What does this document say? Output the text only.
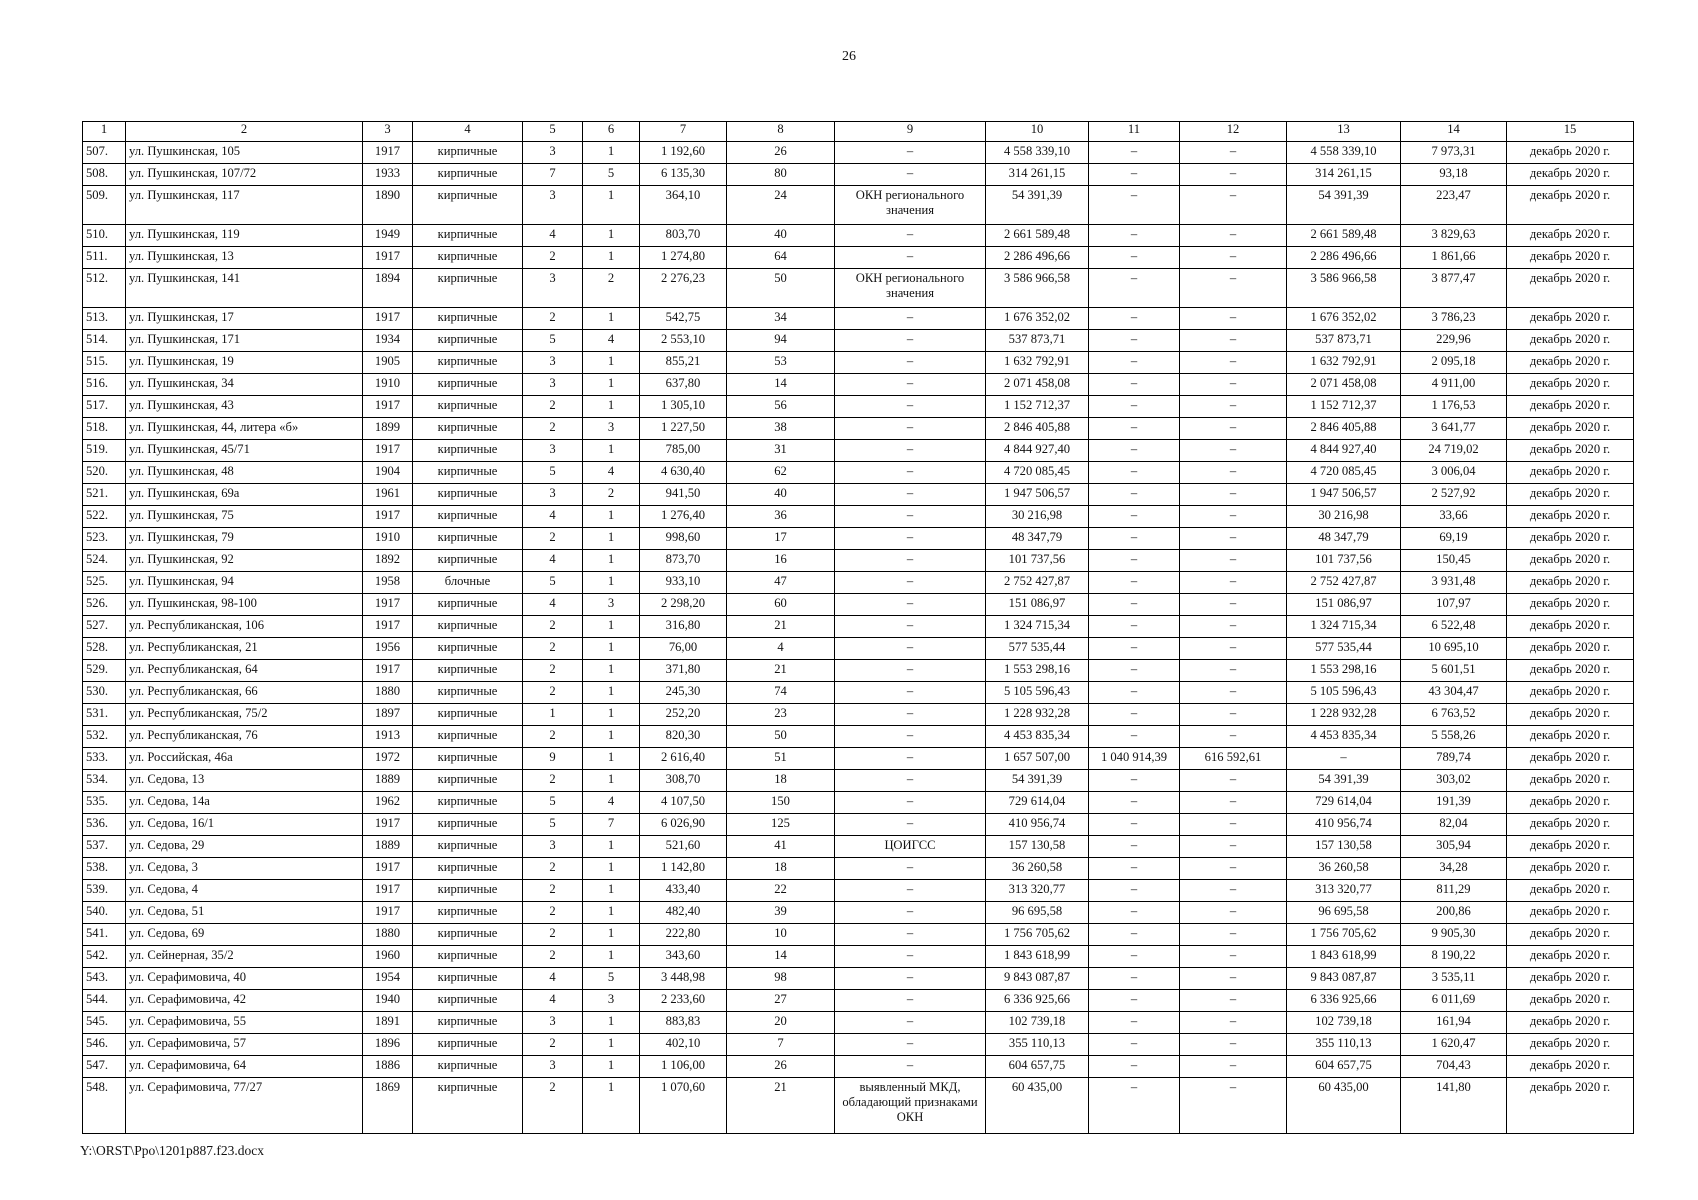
26
1	2	3	4	5	6	7	8	9	10	11	12	13	14	15
507.	ул. Пушкинская, 105	1917	кирпичные	3	1	1 192,60	26	–	4 558 339,10	–	–	4 558 339,10	7 973,31	декабрь 2020 г.
508.	ул. Пушкинская, 107/72	1933	кирпичные	7	5	6 135,30	80	–	314 261,15	–	–	314 261,15	93,18	декабрь 2020 г.
509.	ул. Пушкинская, 117	1890	кирпичные	3	1	364,10	24	ОКН регионального значения	54 391,39	–	–	54 391,39	223,47	декабрь 2020 г.
510.	ул. Пушкинская, 119	1949	кирпичные	4	1	803,70	40	–	2 661 589,48	–	–	2 661 589,48	3 829,63	декабрь 2020 г.
511.	ул. Пушкинская, 13	1917	кирпичные	2	1	1 274,80	64	–	2 286 496,66	–	–	2 286 496,66	1 861,66	декабрь 2020 г.
512.	ул. Пушкинская, 141	1894	кирпичные	3	2	2 276,23	50	ОКН регионального значения	3 586 966,58	–	–	3 586 966,58	3 877,47	декабрь 2020 г.
513.	ул. Пушкинская, 17	1917	кирпичные	2	1	542,75	34	–	1 676 352,02	–	–	1 676 352,02	3 786,23	декабрь 2020 г.
514.	ул. Пушкинская, 171	1934	кирпичные	5	4	2 553,10	94	–	537 873,71	–	–	537 873,71	229,96	декабрь 2020 г.
515.	ул. Пушкинская, 19	1905	кирпичные	3	1	855,21	53	–	1 632 792,91	–	–	1 632 792,91	2 095,18	декабрь 2020 г.
516.	ул. Пушкинская, 34	1910	кирпичные	3	1	637,80	14	–	2 071 458,08	–	–	2 071 458,08	4 911,00	декабрь 2020 г.
517.	ул. Пушкинская, 43	1917	кирпичные	2	1	1 305,10	56	–	1 152 712,37	–	–	1 152 712,37	1 176,53	декабрь 2020 г.
518.	ул. Пушкинская, 44, литера «б»	1899	кирпичные	2	3	1 227,50	38	–	2 846 405,88	–	–	2 846 405,88	3 641,77	декабрь 2020 г.
519.	ул. Пушкинская, 45/71	1917	кирпичные	3	1	785,00	31	–	4 844 927,40	–	–	4 844 927,40	24 719,02	декабрь 2020 г.
520.	ул. Пушкинская, 48	1904	кирпичные	5	4	4 630,40	62	–	4 720 085,45	–	–	4 720 085,45	3 006,04	декабрь 2020 г.
521.	ул. Пушкинская, 69а	1961	кирпичные	3	2	941,50	40	–	1 947 506,57	–	–	1 947 506,57	2 527,92	декабрь 2020 г.
522.	ул. Пушкинская, 75	1917	кирпичные	4	1	1 276,40	36	–	30 216,98	–	–	30 216,98	33,66	декабрь 2020 г.
523.	ул. Пушкинская, 79	1910	кирпичные	2	1	998,60	17	–	48 347,79	–	–	48 347,79	69,19	декабрь 2020 г.
524.	ул. Пушкинская, 92	1892	кирпичные	4	1	873,70	16	–	101 737,56	–	–	101 737,56	150,45	декабрь 2020 г.
525.	ул. Пушкинская, 94	1958	блочные	5	1	933,10	47	–	2 752 427,87	–	–	2 752 427,87	3 931,48	декабрь 2020 г.
526.	ул. Пушкинская, 98-100	1917	кирпичные	4	3	2 298,20	60	–	151 086,97	–	–	151 086,97	107,97	декабрь 2020 г.
527.	ул. Республиканская, 106	1917	кирпичные	2	1	316,80	21	–	1 324 715,34	–	–	1 324 715,34	6 522,48	декабрь 2020 г.
528.	ул. Республиканская, 21	1956	кирпичные	2	1	76,00	4	–	577 535,44	–	–	577 535,44	10 695,10	декабрь 2020 г.
529.	ул. Республиканская, 64	1917	кирпичные	2	1	371,80	21	–	1 553 298,16	–	–	1 553 298,16	5 601,51	декабрь 2020 г.
530.	ул. Республиканская, 66	1880	кирпичные	2	1	245,30	74	–	5 105 596,43	–	–	5 105 596,43	43 304,47	декабрь 2020 г.
531.	ул. Республиканская, 75/2	1897	кирпичные	1	1	252,20	23	–	1 228 932,28	–	–	1 228 932,28	6 763,52	декабрь 2020 г.
532.	ул. Республиканская, 76	1913	кирпичные	2	1	820,30	50	–	4 453 835,34	–	–	4 453 835,34	5 558,26	декабрь 2020 г.
533.	ул. Российская, 46а	1972	кирпичные	9	1	2 616,40	51	–	1 657 507,00	1 040 914,39	616 592,61	–	789,74	декабрь 2020 г.
534.	ул. Седова, 13	1889	кирпичные	2	1	308,70	18	–	54 391,39	–	–	54 391,39	303,02	декабрь 2020 г.
535.	ул. Седова, 14а	1962	кирпичные	5	4	4 107,50	150	–	729 614,04	–	–	729 614,04	191,39	декабрь 2020 г.
536.	ул. Седова, 16/1	1917	кирпичные	5	7	6 026,90	125	–	410 956,74	–	–	410 956,74	82,04	декабрь 2020 г.
537.	ул. Седова, 29	1889	кирпичные	3	1	521,60	41	ЦОИГСС	157 130,58	–	–	157 130,58	305,94	декабрь 2020 г.
538.	ул. Седова, 3	1917	кирпичные	2	1	1 142,80	18	–	36 260,58	–	–	36 260,58	34,28	декабрь 2020 г.
539.	ул. Седова, 4	1917	кирпичные	2	1	433,40	22	–	313 320,77	–	–	313 320,77	811,29	декабрь 2020 г.
540.	ул. Седова, 51	1917	кирпичные	2	1	482,40	39	–	96 695,58	–	–	96 695,58	200,86	декабрь 2020 г.
541.	ул. Седова, 69	1880	кирпичные	2	1	222,80	10	–	1 756 705,62	–	–	1 756 705,62	9 905,30	декабрь 2020 г.
542.	ул. Сейнерная, 35/2	1960	кирпичные	2	1	343,60	14	–	1 843 618,99	–	–	1 843 618,99	8 190,22	декабрь 2020 г.
543.	ул. Серафимовича, 40	1954	кирпичные	4	5	3 448,98	98	–	9 843 087,87	–	–	9 843 087,87	3 535,11	декабрь 2020 г.
544.	ул. Серафимовича, 42	1940	кирпичные	4	3	2 233,60	27	–	6 336 925,66	–	–	6 336 925,66	6 011,69	декабрь 2020 г.
545.	ул. Серафимовича, 55	1891	кирпичные	3	1	883,83	20	–	102 739,18	–	–	102 739,18	161,94	декабрь 2020 г.
546.	ул. Серафимовича, 57	1896	кирпичные	2	1	402,10	7	–	355 110,13	–	–	355 110,13	1 620,47	декабрь 2020 г.
547.	ул. Серафимовича, 64	1886	кирпичные	3	1	1 106,00	26	–	604 657,75	–	–	604 657,75	704,43	декабрь 2020 г.
548.	ул. Серафимовича, 77/27	1869	кирпичные	2	1	1 070,60	21	выявленный МКД, обладающий признаками ОКН	60 435,00	–	–	60 435,00	141,80	декабрь 2020 г.
Y:\ORST\Ppo\1201p887.f23.docx
